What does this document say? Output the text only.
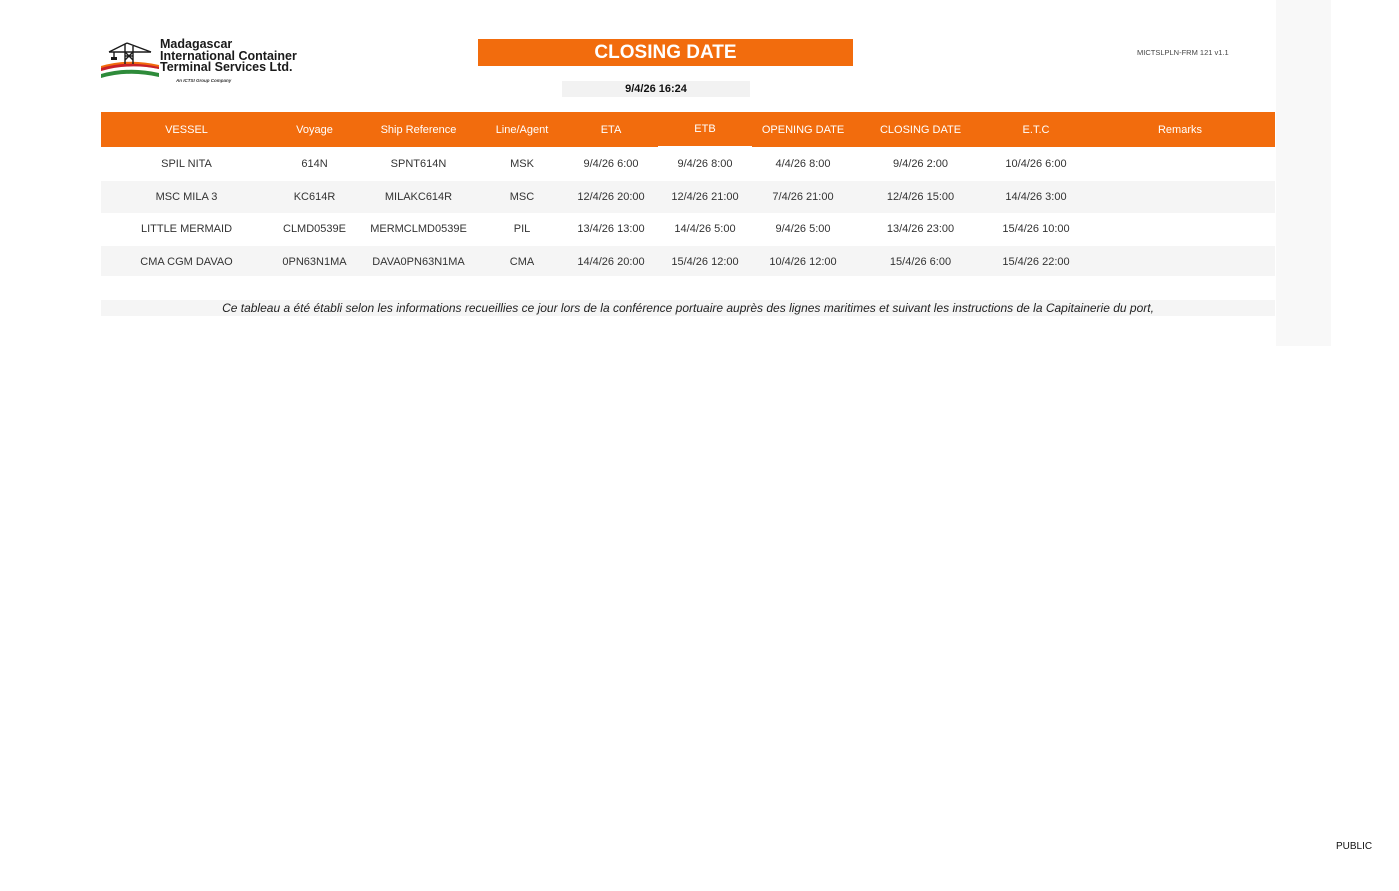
Madagascar
International Container
Terminal Services Ltd.
An ICTSI Group Company
CLOSING DATE
9/4/26 16:24
MICTSLPLN-FRM 121 v1.1
VESSEL	Voyage	Ship Reference	Line/Agent	ETA	ETB	OPENING DATE	CLOSING DATE	E.T.C	Remarks
SPIL NITA	614N	SPNT614N	MSK	9/4/26 6:00	9/4/26 8:00	4/4/26 8:00	9/4/26 2:00	10/4/26 6:00	
MSC MILA 3	KC614R	MILAKC614R	MSC	12/4/26 20:00	12/4/26 21:00	7/4/26 21:00	12/4/26 15:00	14/4/26 3:00	
LITTLE MERMAID	CLMD0539E	MERMCLMD0539E	PIL	13/4/26 13:00	14/4/26 5:00	9/4/26 5:00	13/4/26 23:00	15/4/26 10:00	
CMA CGM DAVAO	0PN63N1MA	DAVA0PN63N1MA	CMA	14/4/26 20:00	15/4/26 12:00	10/4/26 12:00	15/4/26 6:00	15/4/26 22:00	
Ce tableau a été établi selon les informations recueillies ce jour lors de la conférence portuaire auprès des lignes maritimes et suivant les instructions de la Capitainerie du port,
PUBLIC
